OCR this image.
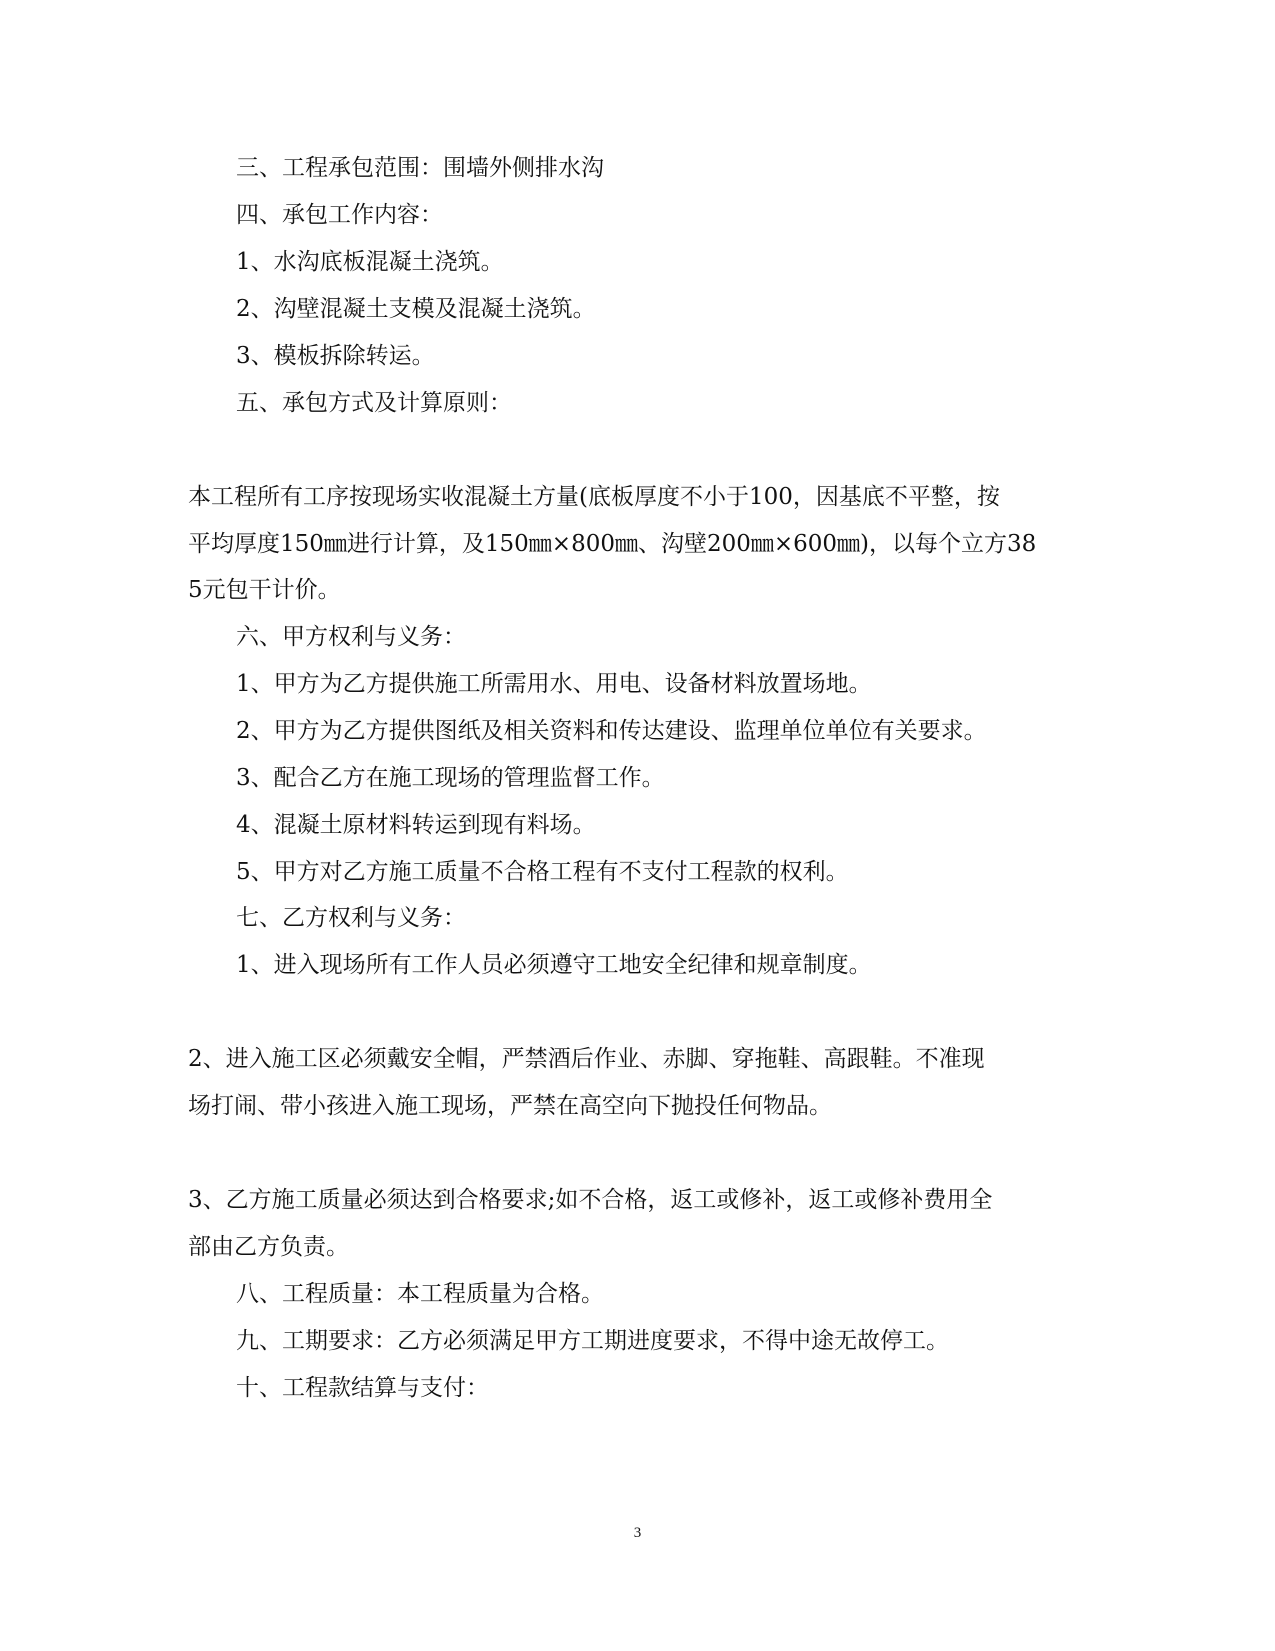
三、工程承包范围：围墙外侧排水沟
四、承包工作内容：
1、水沟底板混凝土浇筑。
2、沟壁混凝土支模及混凝土浇筑。
3、模板拆除转运。
五、承包方式及计算原则：
本工程所有工序按现场实收混凝土方量(底板厚度不小于100，因基底不平整，按
平均厚度150㎜进行计算，及150㎜×800㎜、沟壁200㎜×600㎜)，以每个立方38
5元包干计价。
六、甲方权利与义务：
1、甲方为乙方提供施工所需用水、用电、设备材料放置场地。
2、甲方为乙方提供图纸及相关资料和传达建设、监理单位单位有关要求。
3、配合乙方在施工现场的管理监督工作。
4、混凝土原材料转运到现有料场。
5、甲方对乙方施工质量不合格工程有不支付工程款的权利。
七、乙方权利与义务：
1、进入现场所有工作人员必须遵守工地安全纪律和规章制度。
2、进入施工区必须戴安全帽，严禁酒后作业、赤脚、穿拖鞋、高跟鞋。不准现
场打闹、带小孩进入施工现场，严禁在高空向下抛投任何物品。
3、乙方施工质量必须达到合格要求;如不合格，返工或修补，返工或修补费用全
部由乙方负责。
八、工程质量：本工程质量为合格。
九、工期要求：乙方必须满足甲方工期进度要求，不得中途无故停工。
十、工程款结算与支付：
3
